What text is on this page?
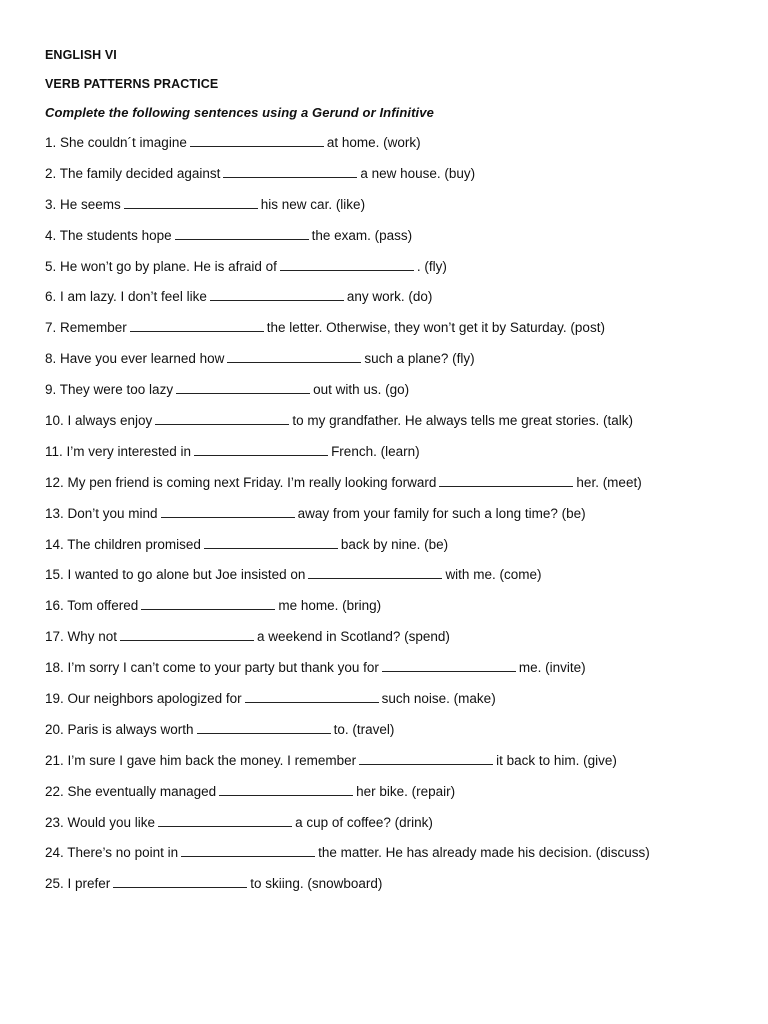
ENGLISH VI
VERB PATTERNS PRACTICE
Complete the following sentences using a Gerund or Infinitive
1. She couldn´t imagine	at home. (work)
2. The family decided against	a new house. (buy)
3. He seems	his new car. (like)
4. The students hope	the exam. (pass)
5. He won’t go by plane. He is afraid of	. (fly)
6. I am lazy. I don’t feel like	any work. (do)
7. Remember	the letter. Otherwise, they won’t get it by Saturday. (post)
8. Have you ever learned how	such a plane? (fly)
9. They were too lazy	out with us. (go)
10. I always enjoy	to my grandfather. He always tells me great stories. (talk)
11. I’m very interested in	French. (learn)
12. My pen friend is coming next Friday. I’m really looking forward	her. (meet)
13. Don’t you mind	away from your family for such a long time? (be)
14. The children promised	back by nine. (be)
15. I wanted to go alone but Joe insisted on	with me. (come)
16. Tom offered	me home. (bring)
17. Why not	a weekend in Scotland? (spend)
18. I’m sorry I can’t come to your party but thank you for	me. (invite)
19. Our neighbors apologized for	such noise. (make)
20. Paris is always worth	to. (travel)
21. I’m sure I gave him back the money. I remember	it back to him. (give)
22. She eventually managed	her bike. (repair)
23. Would you like	a cup of coffee? (drink)
24. There’s no point in	the matter. He has already made his decision. (discuss)
25. I prefer	to skiing. (snowboard)
